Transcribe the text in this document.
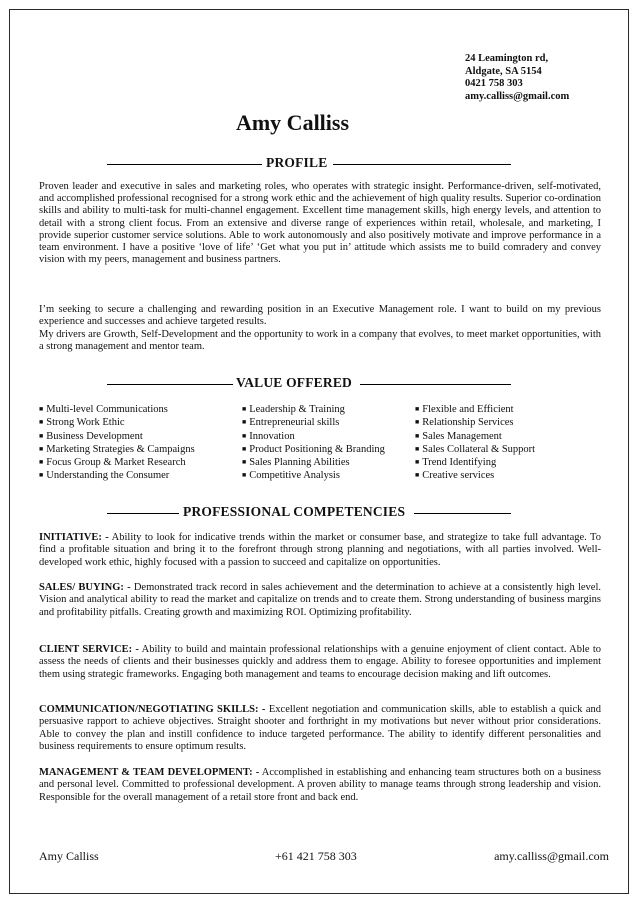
24 Leamington rd,
Aldgate, SA 5154
0421 758 303
amy.calliss@gmail.com
Amy Calliss
PROFILE

Proven leader and executive in sales and marketing roles, who operates with strategic insight. Performance-driven, self-motivated, and accomplished professional recognised for a strong work ethic and the achievement of high quality results. Superior co-ordination skills and ability to multi-task for multi-channel engagement. Excellent time management skills, high energy levels, and attention to detail with a strong client focus. From an extensive and diverse range of experiences within retail, wholesale, and marketing, I provide superior customer service solutions. Able to work autonomously and also positively motivate and improve performance in a team environment. I have a positive ‘love of life’ ‘Get what you put in’ attitude which assists me to build comradery and convey vision with my peers, management and business partners.

I’m seeking to secure a challenging and rewarding position in an Executive Management role. I want to build on my previous experience and successes and achieve targeted results.

My drivers are Growth, Self-Development and the opportunity to work in a company that evolves, to meet market opportunities, with a strong management and mentor team.

VALUE OFFERED
■ Multi-level Communications
■ Strong Work Ethic
■ Business Development
■ Marketing Strategies & Campaigns
■ Focus Group & Market Research
■ Understanding the Consumer
■ Leadership & Training
■ Entrepreneurial skills
■ Innovation
■ Product Positioning & Branding
■ Sales Planning Abilities
■ Competitive Analysis
■ Flexible and Efficient
■ Relationship Services
■ Sales Management
■ Sales Collateral & Support
■ Trend Identifying
■ Creative services
PROFESSIONAL COMPETENCIES

INITIATIVE: - Ability to look for indicative trends within the market or consumer base, and strategize to take full advantage. To find a profitable situation and bring it to the forefront through strong planning and negotiations, with all parties involved. Well-developed work ethic, highly focused with a passion to succeed and capitalize on opportunities.

SALES/ BUYING: - Demonstrated track record in sales achievement and the determination to achieve at a consistently high level. Vision and analytical ability to read the market and capitalize on trends and to create them. Strong understanding of business margins and profitability pitfalls. Creating growth and maximizing ROI. Optimizing profitability.

CLIENT SERVICE: - Ability to build and maintain professional relationships with a genuine enjoyment of client contact. Able to assess the needs of clients and their businesses quickly and address them to engage. Ability to foresee opportunities and implement them using strategic frameworks. Engaging both management and teams to encourage decision making and lift outcomes.

COMMUNICATION/NEGOTIATING SKILLS: - Excellent negotiation and communication skills, able to establish a quick and persuasive rapport to achieve objectives. Straight shooter and forthright in my motivations but never without prior considerations. Able to convey the plan and instill confidence to induce targeted performance. The ability to identify different personalities and business requirements to ensure optimum results.

MANAGEMENT & TEAM DEVELOPMENT: - Accomplished in establishing and enhancing team structures both on a business and personal level. Committed to professional development. A proven ability to manage teams through strong leadership and vision. Responsible for the overall management of a retail store front and back end.

Amy Calliss	+61 421 758 303	amy.calliss@gmail.com
